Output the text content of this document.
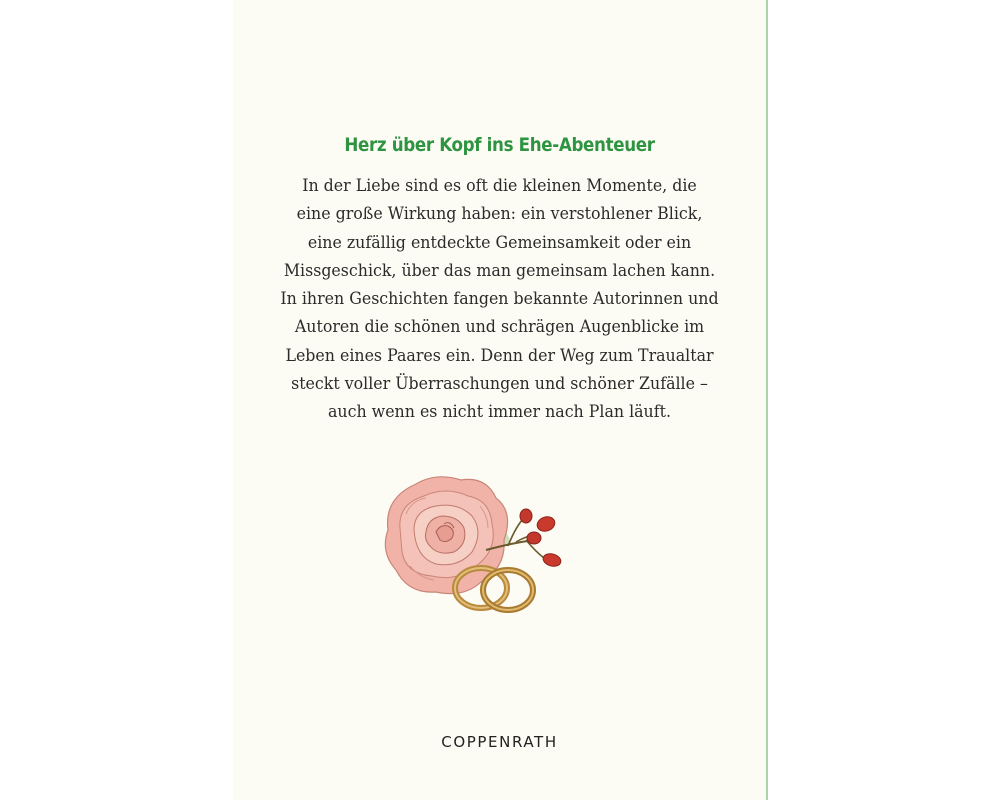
Herz über Kopf ins Ehe-Abenteuer

In der Liebe sind es oft die kleinen Momente, die
eine große Wirkung haben: ein verstohlener Blick,
eine zufällig entdeckte Gemeinsamkeit oder ein
Missgeschick, über das man gemeinsam lachen kann.
In ihren Geschichten fangen bekannte Autorinnen und
Autoren die schönen und schrägen Augenblicke im
Leben eines Paares ein. Denn der Weg zum Traualtar
steckt voller Überraschungen und schöner Zufälle –
auch wenn es nicht immer nach Plan läuft.

COPPENRATH
